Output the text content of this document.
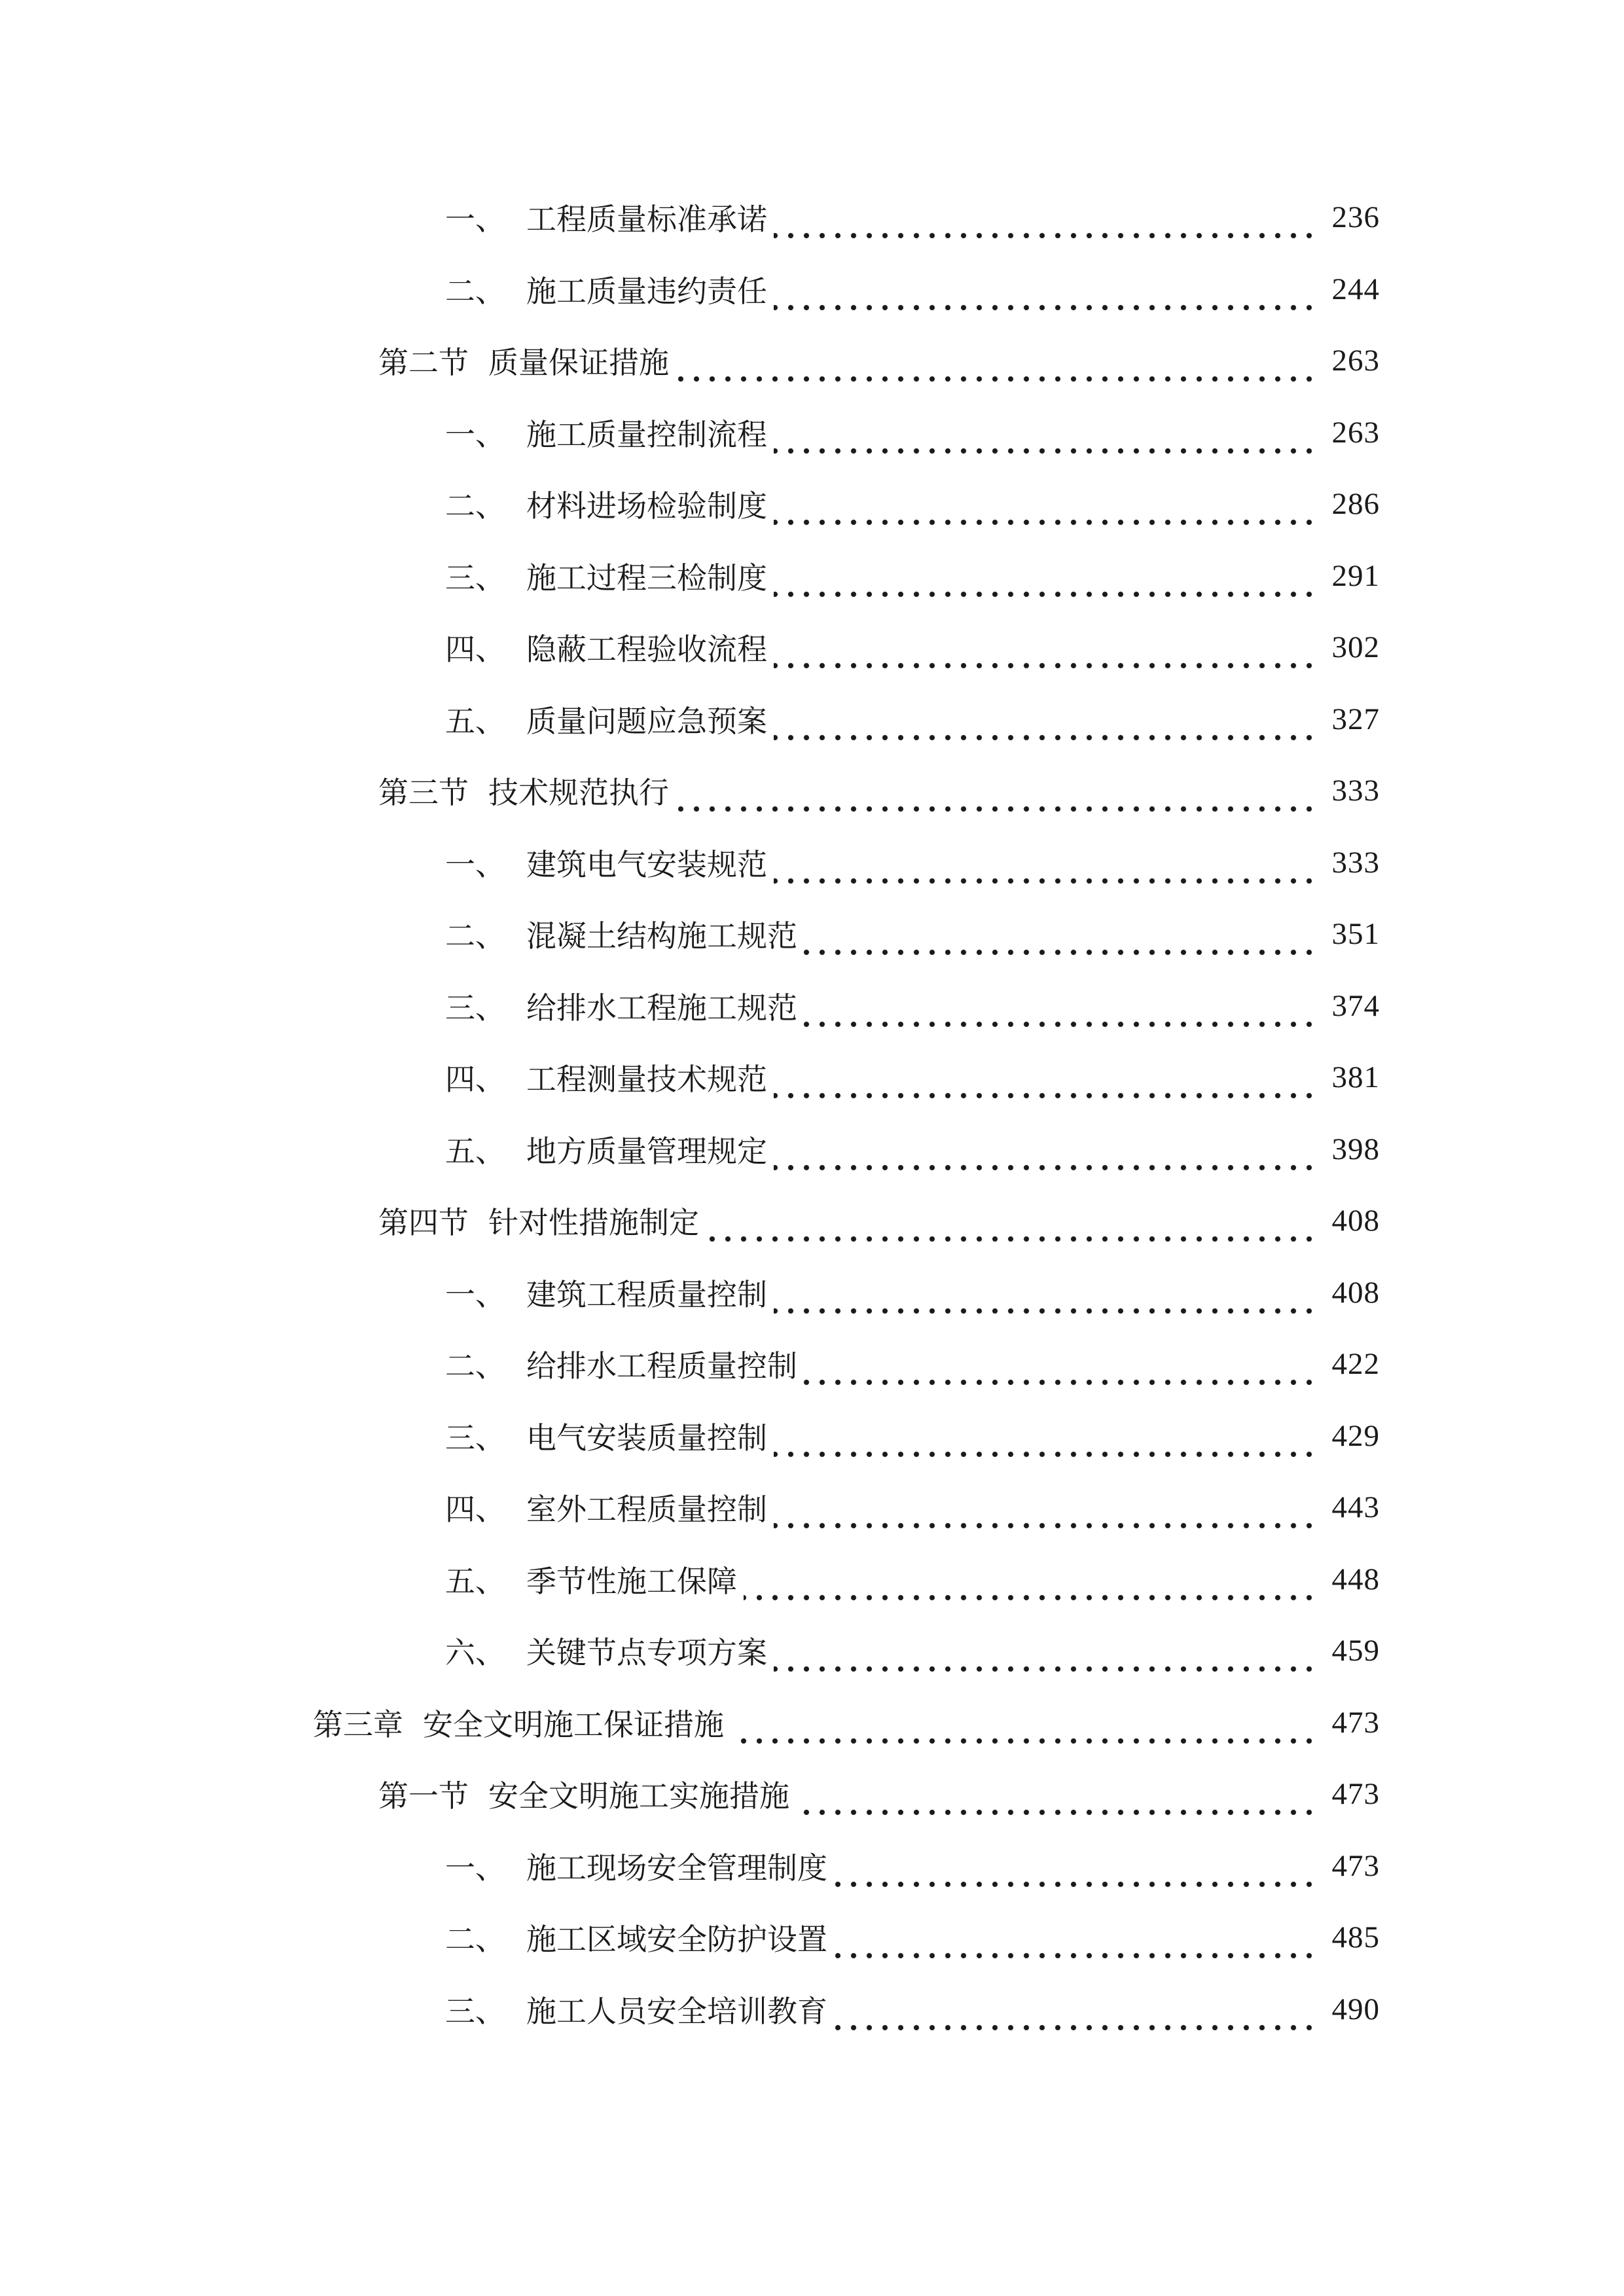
一、 工程质量标准承诺	236
二、 施工质量违约责任	244
第二节 质量保证措施	263
一、 施工质量控制流程	263
二、 材料进场检验制度	286
三、 施工过程三检制度	291
四、 隐蔽工程验收流程	302
五、 质量问题应急预案	327
第三节 技术规范执行	333
一、 建筑电气安装规范	333
二、 混凝土结构施工规范	351
三、 给排水工程施工规范	374
四、 工程测量技术规范	381
五、 地方质量管理规定	398
第四节 针对性措施制定	408
一、 建筑工程质量控制	408
二、 给排水工程质量控制	422
三、 电气安装质量控制	429
四、 室外工程质量控制	443
五、 季节性施工保障	448
六、 关键节点专项方案	459
第三章 安全文明施工保证措施	473
第一节 安全文明施工实施措施	473
一、 施工现场安全管理制度	473
二、 施工区域安全防护设置	485
三、 施工人员安全培训教育	490
